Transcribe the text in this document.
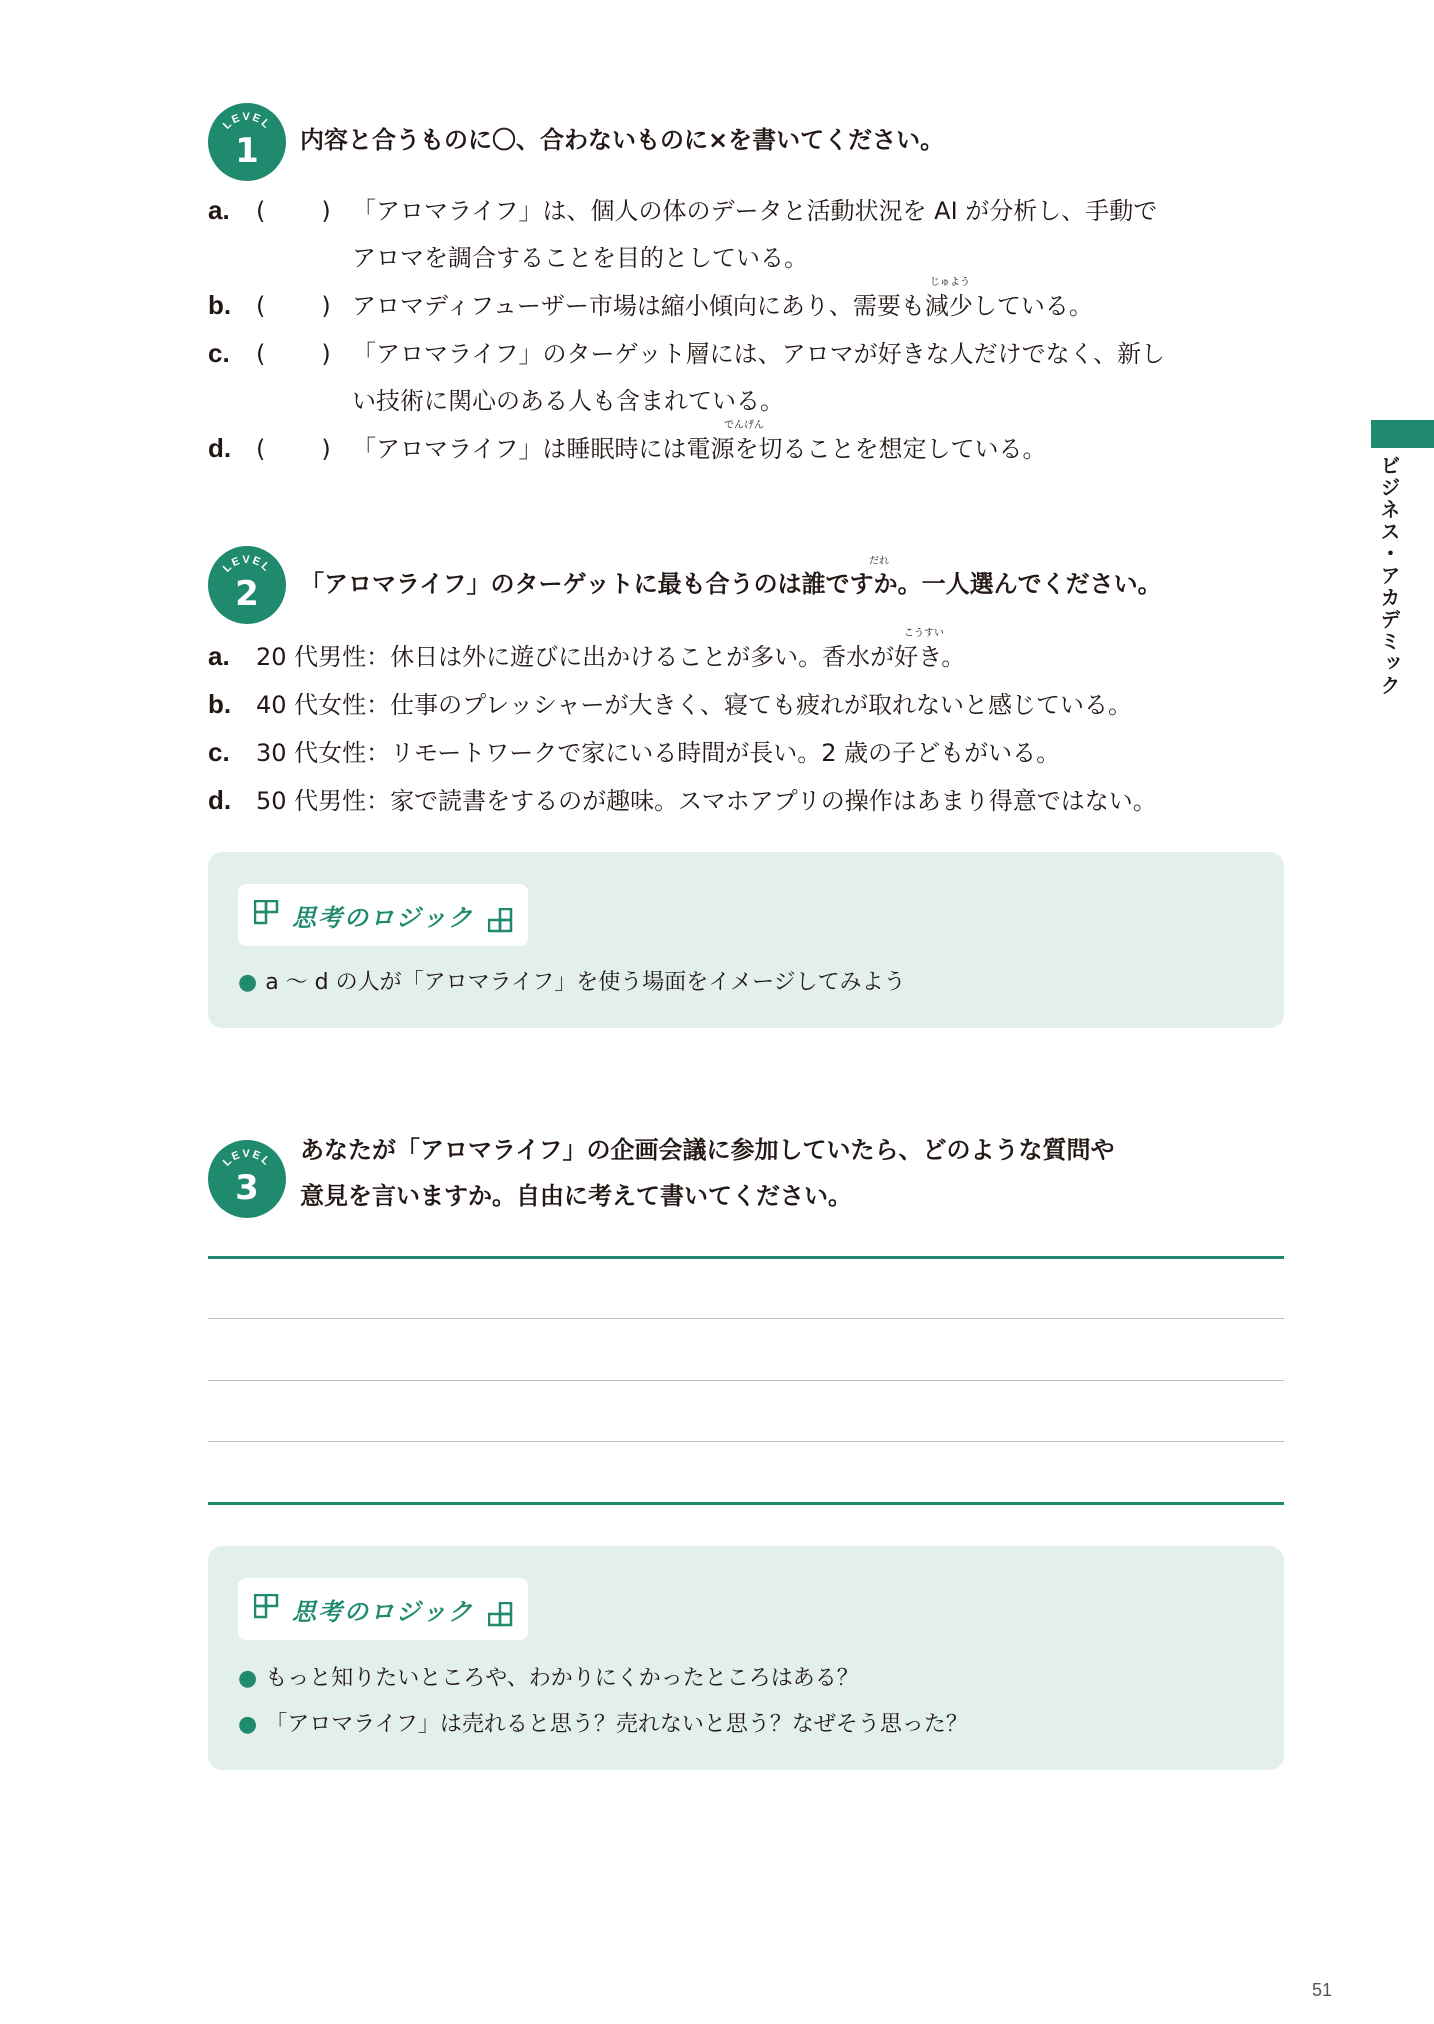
LEVEL
1	内容と合うものに〇、合わないものに×を書いてください。
a. ( ) 「アロマライフ」は、個人の体のデータと活動状況を AI が分析し、手動で
アロマを調合することを目的としている。
じゅよう
b. ( ) アロマディフューザー市場は縮小傾向にあり、需要も減少している。
c. ( ) 「アロマライフ」のターゲット層には、アロマが好きな人だけでなく、新し
い技術に関心のある人も含まれている。
でんげん
d. ( ) 「アロマライフ」は睡眠時には電源を切ることを想定している。
LEVEL
2
だれ
「アロマライフ」のターゲットに最も合うのは誰ですか。一人選んでください。
こうすい
a. 20 代男性：休日は外に遊びに出かけることが多い。香水が好き。
b. 40 代女性：仕事のプレッシャーが大きく、寝ても疲れが取れないと感じている。
c. 30 代女性：リモートワークで家にいる時間が長い。2 歳の子どもがいる。
d. 50 代男性：家で読書をするのが趣味。スマホアプリの操作はあまり得意ではない。
思考のロジック
● a ～ d の人が「アロマライフ」を使う場面をイメージしてみよう
LEVEL
3
あなたが「アロマライフ」の企画会議に参加していたら、どのような質問や
意見を言いますか。自由に考えて書いてください。
思考のロジック
● もっと知りたいところや、わかりにくかったところはある？
● 「アロマライフ」は売れると思う？売れないと思う？なぜそう思った？
ビジネス・アカデミック
51
